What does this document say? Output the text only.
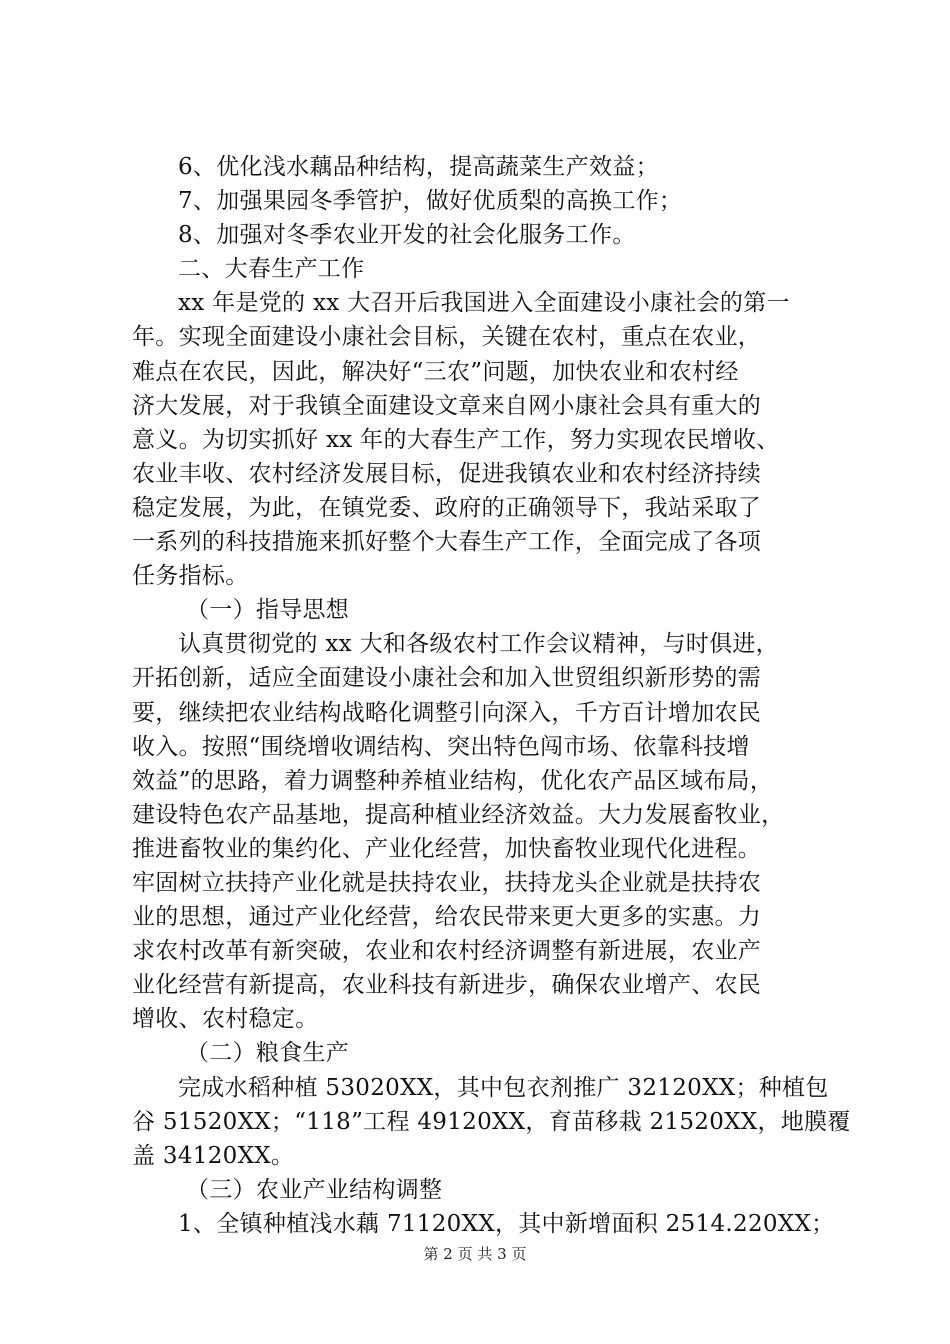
6、优化浅水藕品种结构，提高蔬菜生产效益；
7、加强果园冬季管护，做好优质梨的高换工作；
8、加强对冬季农业开发的社会化服务工作。
二、大春生产工作
xx 年是党的 xx 大召开后我国进入全面建设小康社会的第一
年。实现全面建设小康社会目标，关键在农村，重点在农业，
难点在农民，因此，解决好“三农”问题，加快农业和农村经
济大发展，对于我镇全面建设文章来自网小康社会具有重大的
意义。为切实抓好 xx 年的大春生产工作，努力实现农民增收、
农业丰收、农村经济发展目标，促进我镇农业和农村经济持续
稳定发展，为此，在镇党委、政府的正确领导下，我站采取了
一系列的科技措施来抓好整个大春生产工作，全面完成了各项
任务指标。
（一）指导思想
认真贯彻党的 xx 大和各级农村工作会议精神，与时俱进，
开拓创新，适应全面建设小康社会和加入世贸组织新形势的需
要，继续把农业结构战略化调整引向深入，千方百计增加农民
收入。按照“围绕增收调结构、突出特色闯市场、依靠科技增
效益”的思路，着力调整种养植业结构，优化农产品区域布局，
建设特色农产品基地，提高种植业经济效益。大力发展畜牧业，
推进畜牧业的集约化、产业化经营，加快畜牧业现代化进程。
牢固树立扶持产业化就是扶持农业，扶持龙头企业就是扶持农
业的思想，通过产业化经营，给农民带来更大更多的实惠。力
求农村改革有新突破，农业和农村经济调整有新进展，农业产
业化经营有新提高，农业科技有新进步，确保农业增产、农民
增收、农村稳定。
（二）粮食生产
完成水稻种植 53020XX，其中包衣剂推广 32120XX；种植包
谷 51520XX；“118”工程 49120XX，育苗移栽 21520XX，地膜覆
盖 34120XX。
（三）农业产业结构调整
1、全镇种植浅水藕 71120XX，其中新增面积 2514.220XX；
第 2 页 共 3 页
